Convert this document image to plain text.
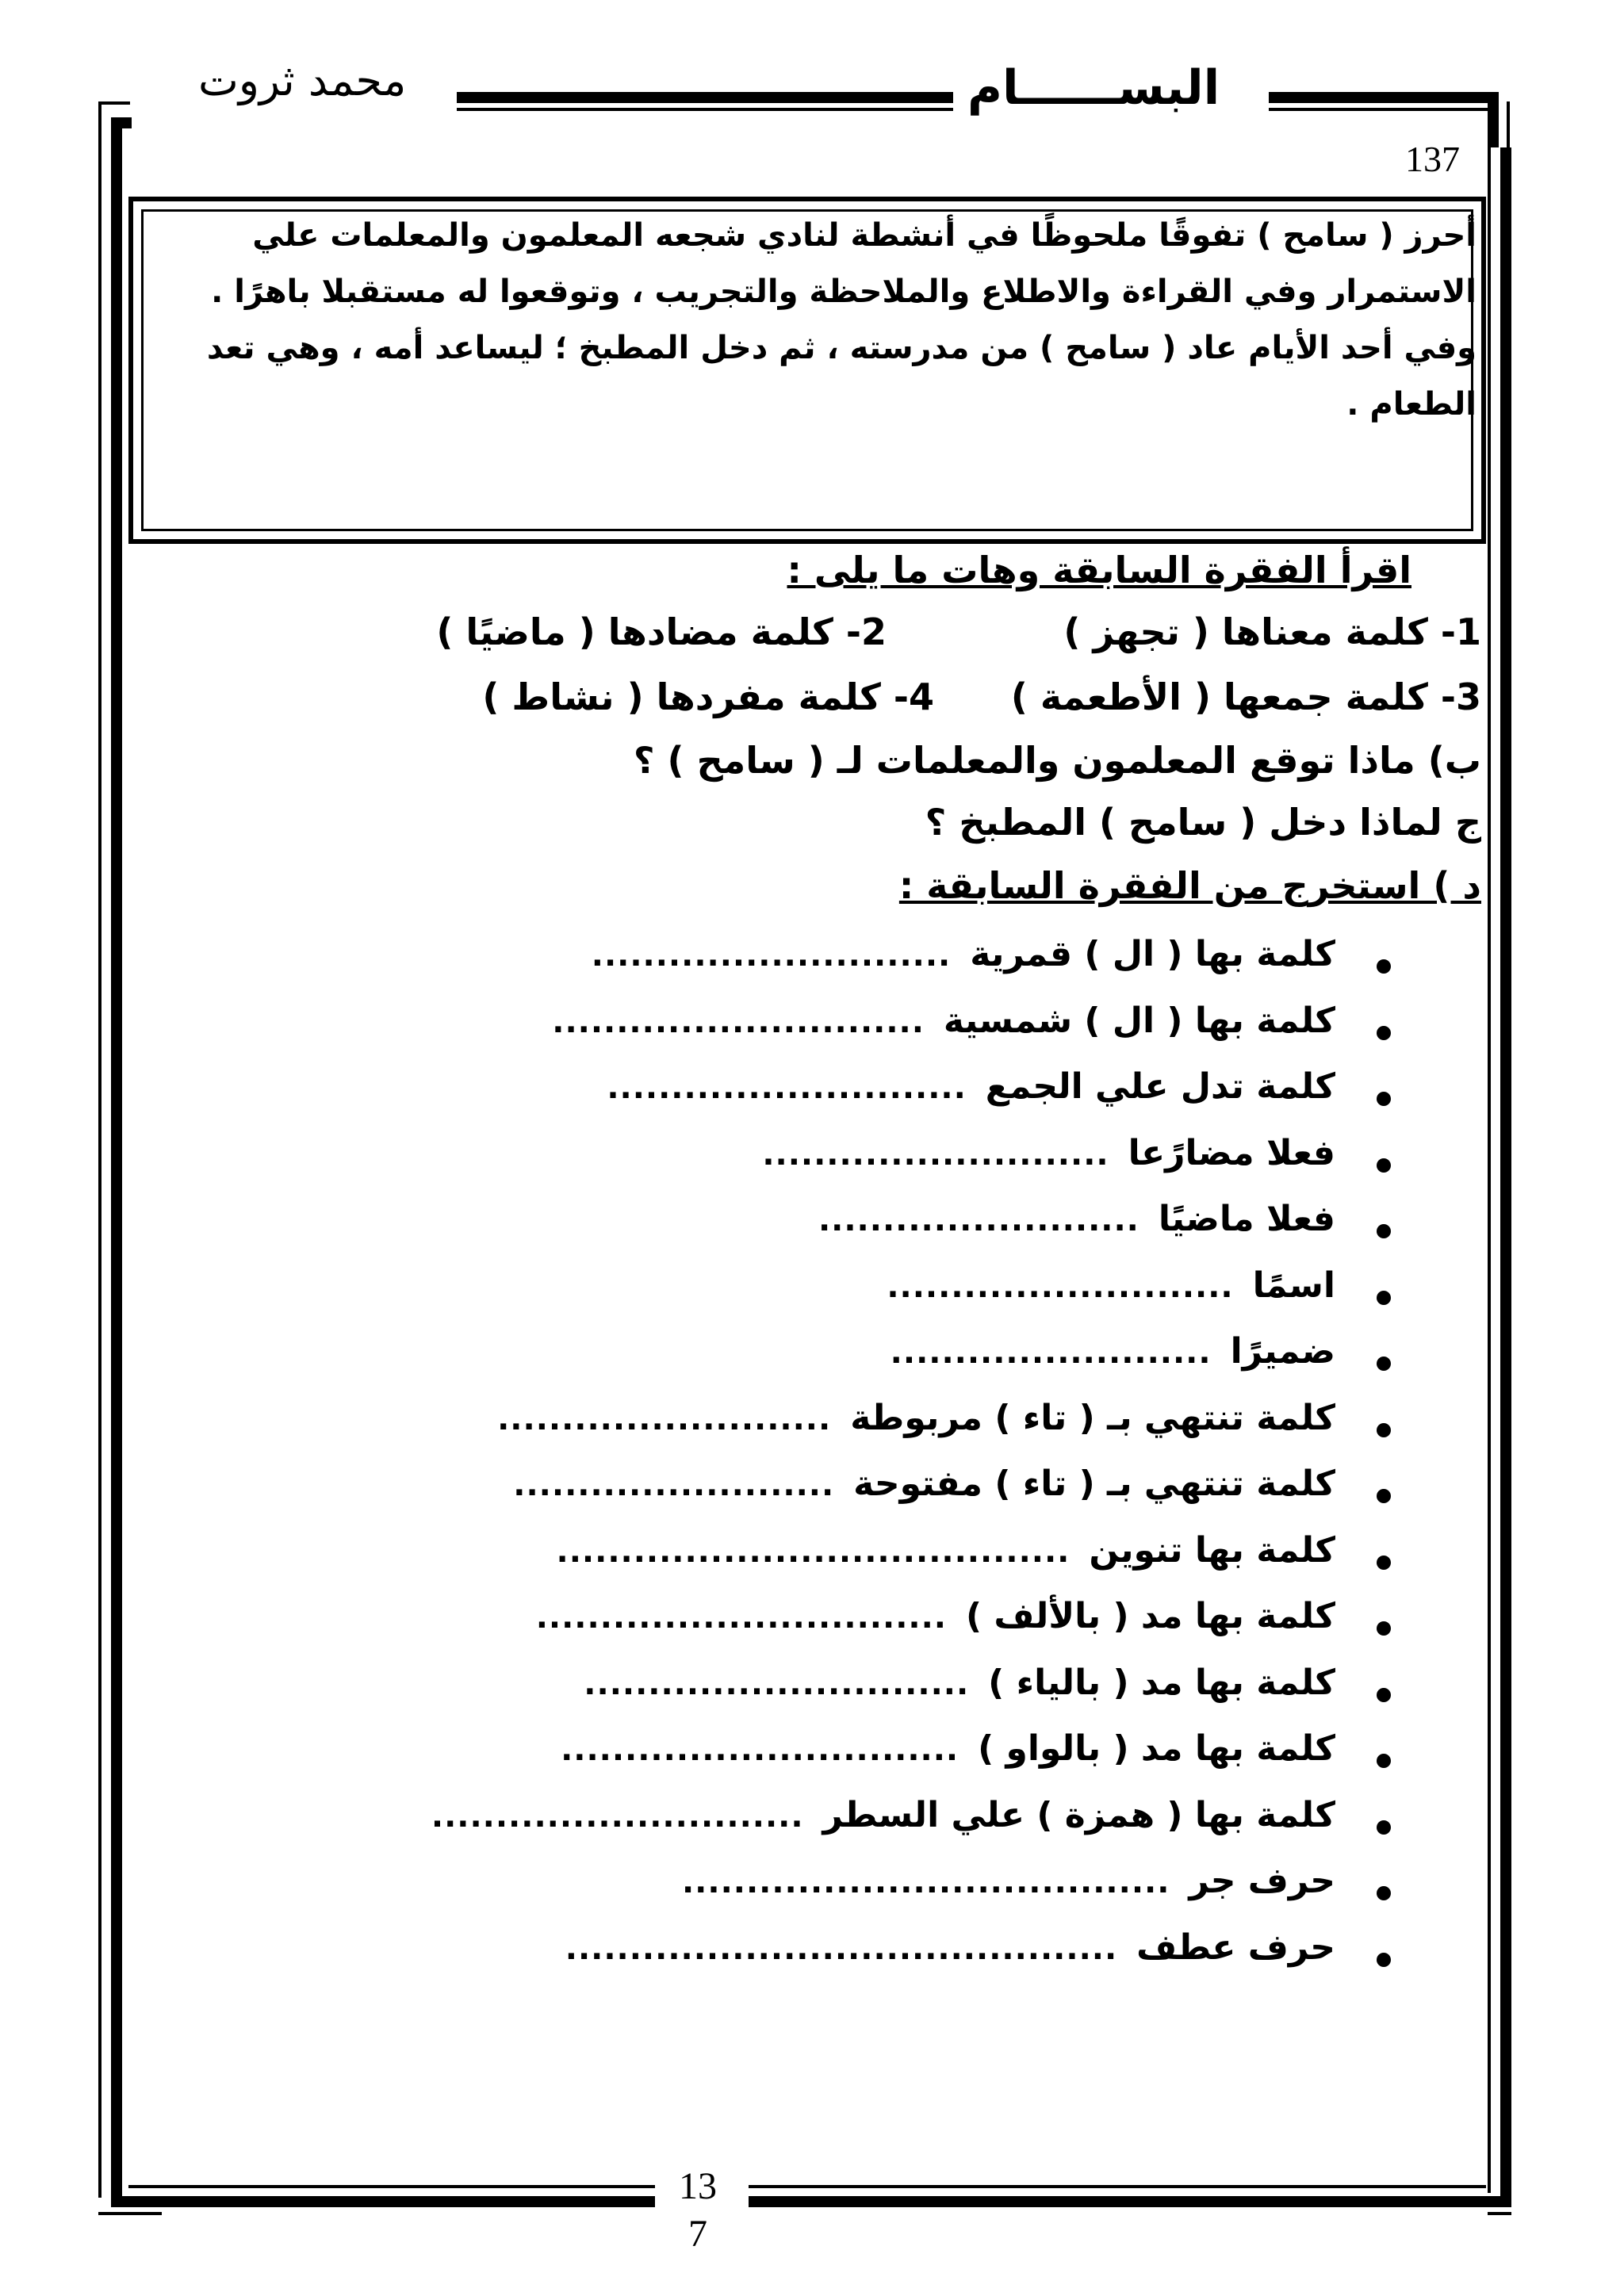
محمد ثروت	البســــــام
137

أحرز ( سامح ) تفوقًا ملحوظًا في أنشطة لنادي شجعه المعلمون والمعلمات علي الاستمرار وفي القراءة والاطلاع والملاحظة والتجريب ، وتوقعوا له مستقبلا باهرًا .

وفي أحد الأيام عاد ( سامح ) من مدرسته ، ثم دخل المطبخ ؛ ليساعد أمه ، وهي تعد الطعام .

اقرأ الفقرة السابقة وهات ما يلى :
1- كلمة معناها ( تجهز )
2- كلمة مضادها ( ماضيًا )
3- كلمة جمعها ( الأطعمة )
4- كلمة مفردها ( نشاط )
ب) ماذا توقع المعلمون والمعلمات لـ ( سامح ) ؟
ج لماذا دخل ( سامح ) المطبخ ؟
د ) استخرج من الفقرة السابقة :
كلمة بها ( ال ) قمرية
............................
كلمة بها ( ال ) شمسية
.............................
كلمة تدل علي الجمع
............................
فعلا مضارًعا
...........................
فعلا ماضيًا
.........................
اسمًا
...........................
ضميرًا
.........................
كلمة تنتهي بـ ( تاء ) مربوطة
..........................
كلمة تنتهي بـ ( تاء ) مفتوحة
.........................
كلمة بها تنوين
........................................
كلمة بها مد ( بالألف )
................................
كلمة بها مد ( بالياء )
..............................
كلمة بها مد ( بالواو )
...............................
كلمة بها ( همزة ) علي السطر
.............................
حرف جر
......................................
حرف عطف
...........................................
13 7
